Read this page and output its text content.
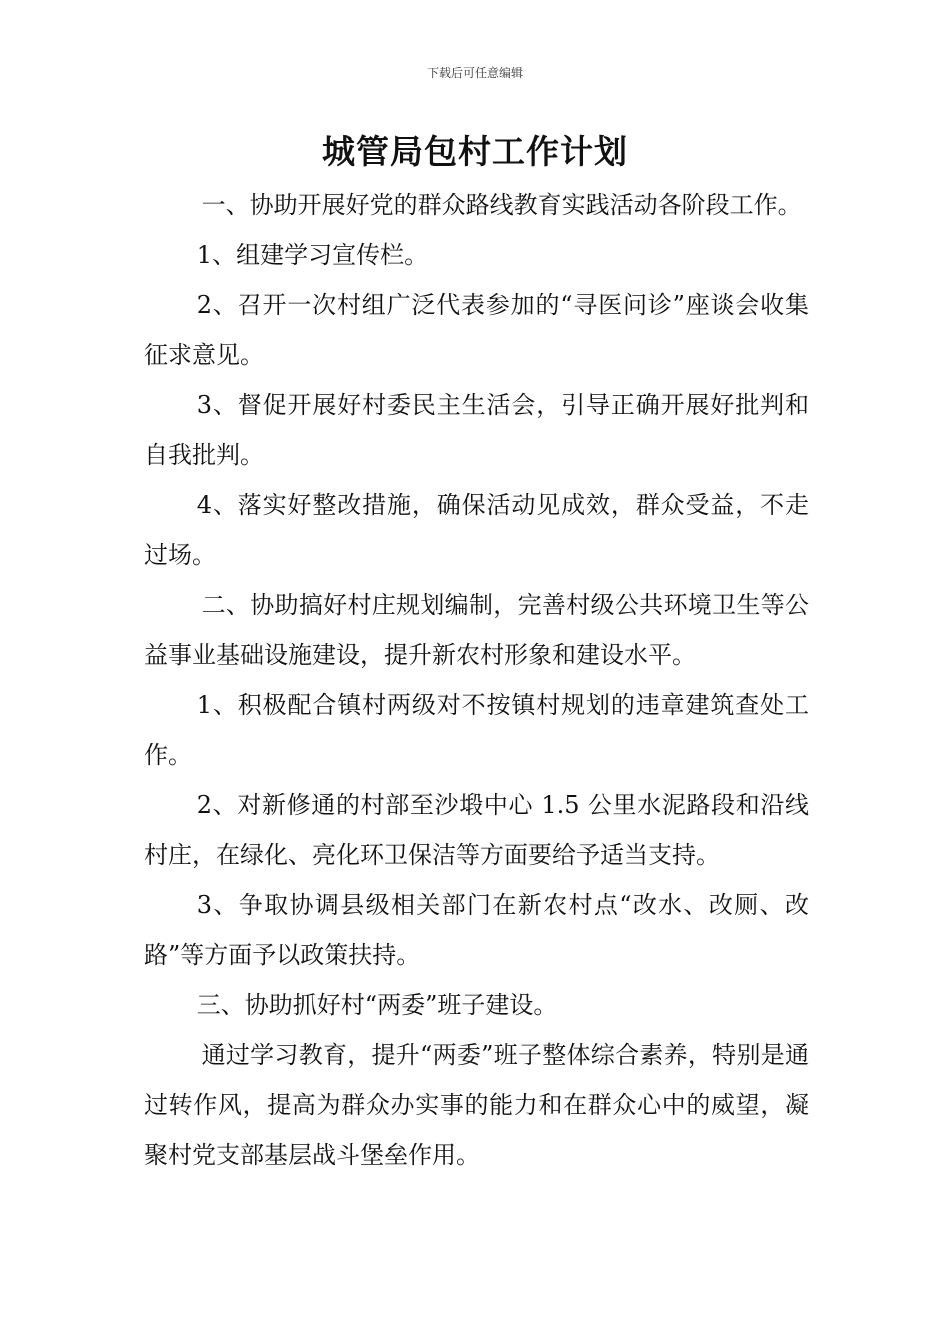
下载后可任意编辑
城管局包村工作计划

一、协助开展好党的群众路线教育实践活动各阶段工作。

1、组建学习宣传栏。

2、召开一次村组广泛代表参加的“寻医问诊”座谈会收集征求意见。

3、督促开展好村委民主生活会，引导正确开展好批判和自我批判。

4、落实好整改措施，确保活动见成效，群众受益，不走过场。

二、协助搞好村庄规划编制，完善村级公共环境卫生等公益事业基础设施建设，提升新农村形象和建设水平。

1、积极配合镇村两级对不按镇村规划的违章建筑查处工作。

2、对新修通的村部至沙塅中心 1.5 公里水泥路段和沿线村庄，在绿化、亮化环卫保洁等方面要给予适当支持。

3、争取协调县级相关部门在新农村点“改水、改厕、改路”等方面予以政策扶持。

三、协助抓好村“两委”班子建设。

通过学习教育，提升“两委”班子整体综合素养，特别是通过转作风，提高为群众办实事的能力和在群众心中的威望，凝聚村党支部基层战斗堡垒作用。
